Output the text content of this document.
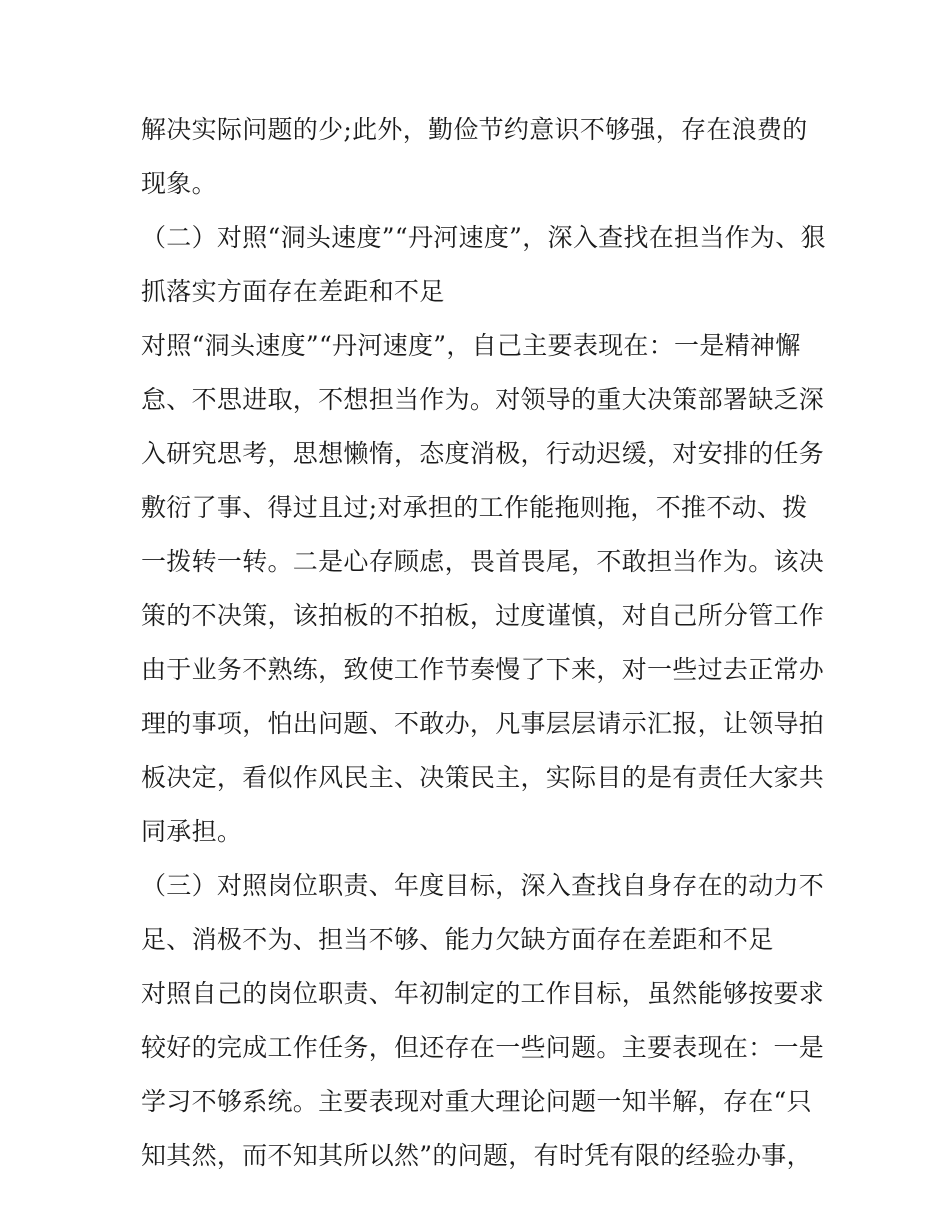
解决实际问题的少;此外，勤俭节约意识不够强，存在浪费的
现象。
（二）对照“洞头速度”“丹河速度”，深入查找在担当作为、狠
抓落实方面存在差距和不足
对照“洞头速度”“丹河速度”，自己主要表现在：一是精神懈
怠、不思进取，不想担当作为。对领导的重大决策部署缺乏深
入研究思考，思想懒惰，态度消极，行动迟缓，对安排的任务
敷衍了事、得过且过;对承担的工作能拖则拖，不推不动、拨
一拨转一转。二是心存顾虑，畏首畏尾，不敢担当作为。该决
策的不决策，该拍板的不拍板，过度谨慎，对自己所分管工作
由于业务不熟练，致使工作节奏慢了下来，对一些过去正常办
理的事项，怕出问题、不敢办，凡事层层请示汇报，让领导拍
板决定，看似作风民主、决策民主，实际目的是有责任大家共
同承担。
（三）对照岗位职责、年度目标，深入查找自身存在的动力不
足、消极不为、担当不够、能力欠缺方面存在差距和不足
对照自己的岗位职责、年初制定的工作目标，虽然能够按要求
较好的完成工作任务，但还存在一些问题。主要表现在：一是
学习不够系统。主要表现对重大理论问题一知半解，存在“只
知其然，而不知其所以然”的问题，有时凭有限的经验办事，
